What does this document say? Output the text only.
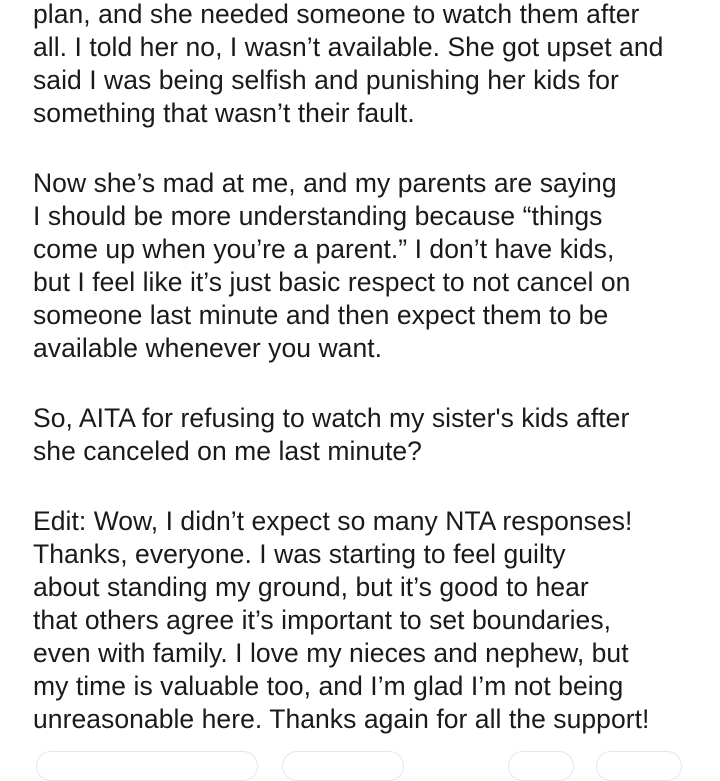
plan, and she needed someone to watch them after
all. I told her no, I wasn’t available. She got upset and
said I was being selfish and punishing her kids for
something that wasn’t their fault.
Now she’s mad at me, and my parents are saying
I should be more understanding because “things
come up when you’re a parent.” I don’t have kids,
but I feel like it’s just basic respect to not cancel on
someone last minute and then expect them to be
available whenever you want.
So, AITA for refusing to watch my sister's kids after
she canceled on me last minute?
Edit: Wow, I didn’t expect so many NTA responses!
Thanks, everyone. I was starting to feel guilty
about standing my ground, but it’s good to hear
that others agree it’s important to set boundaries,
even with family. I love my nieces and nephew, but
my time is valuable too, and I’m glad I’m not being
unreasonable here. Thanks again for all the support!
